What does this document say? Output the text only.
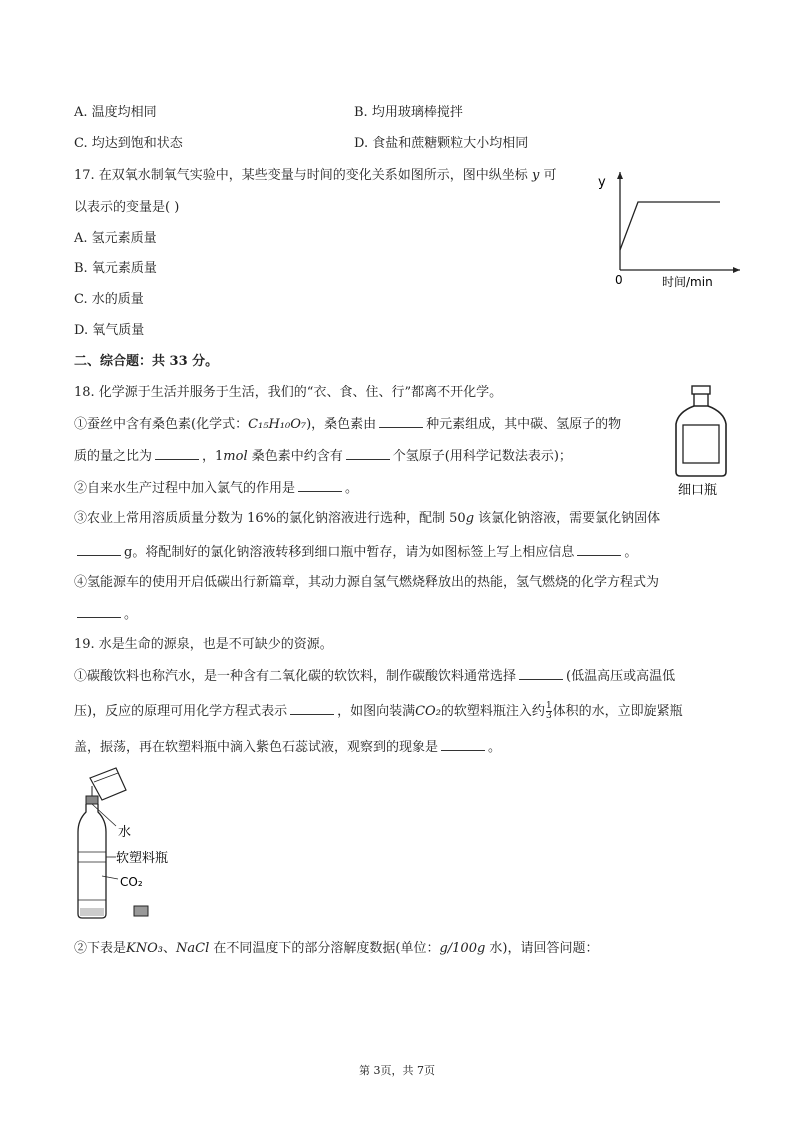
A. 温度均相同	B. 均用玻璃棒搅拌
C. 均达到饱和状态	D. 食盐和蔗糖颗粒大小均相同
17. 在双氧水制氧气实验中，某些变量与时间的变化关系如图所示，图中纵坐标 y 可
以表示的变量是( )
A. 氢元素质量
B. 氧元素质量
C. 水的质量
D. 氧气质量
y
0	时间/min
二、综合题：共 33 分。
18. 化学源于生活并服务于生活，我们的“衣、食、住、行”都离不开化学。
①蚕丝中含有桑色素(化学式：C₁₅H₁₀O₇)，桑色素由	种元素组成，其中碳、氢原子的物
质的量之比为	，1mol 桑色素中约含有	个氢原子(用科学记数法表示)；
②自来水生产过程中加入氯气的作用是	。
③农业上常用溶质质量分数为 16%的氯化钠溶液进行选种，配制 50g 该氯化钠溶液，需要氯化钠固体
g。将配制好的氯化钠溶液转移到细口瓶中暂存，请为如图标签上写上相应信息	。
④氢能源车的使用开启低碳出行新篇章，其动力源自氢气燃烧释放出的热能，氢气燃烧的化学方程式为
。
细口瓶
19. 水是生命的源泉，也是不可缺少的资源。
①碳酸饮料也称汽水，是一种含有二氧化碳的软饮料，制作碳酸饮料通常选择	(低温高压或高温低
压)，反应的原理可用化学方程式表示	，如图向装满CO₂的软塑料瓶注入约 $\frac{1}{3}$ 体积的水，立即旋紧瓶
盖，振荡，再在软塑料瓶中滴入紫色石蕊试液，观察到的现象是	。
水
软塑料瓶
CO₂
②下表是KNO₃、NaCl 在不同温度下的部分溶解度数据(单位：g/100g 水)，请回答问题：
第 3页，共 7页
